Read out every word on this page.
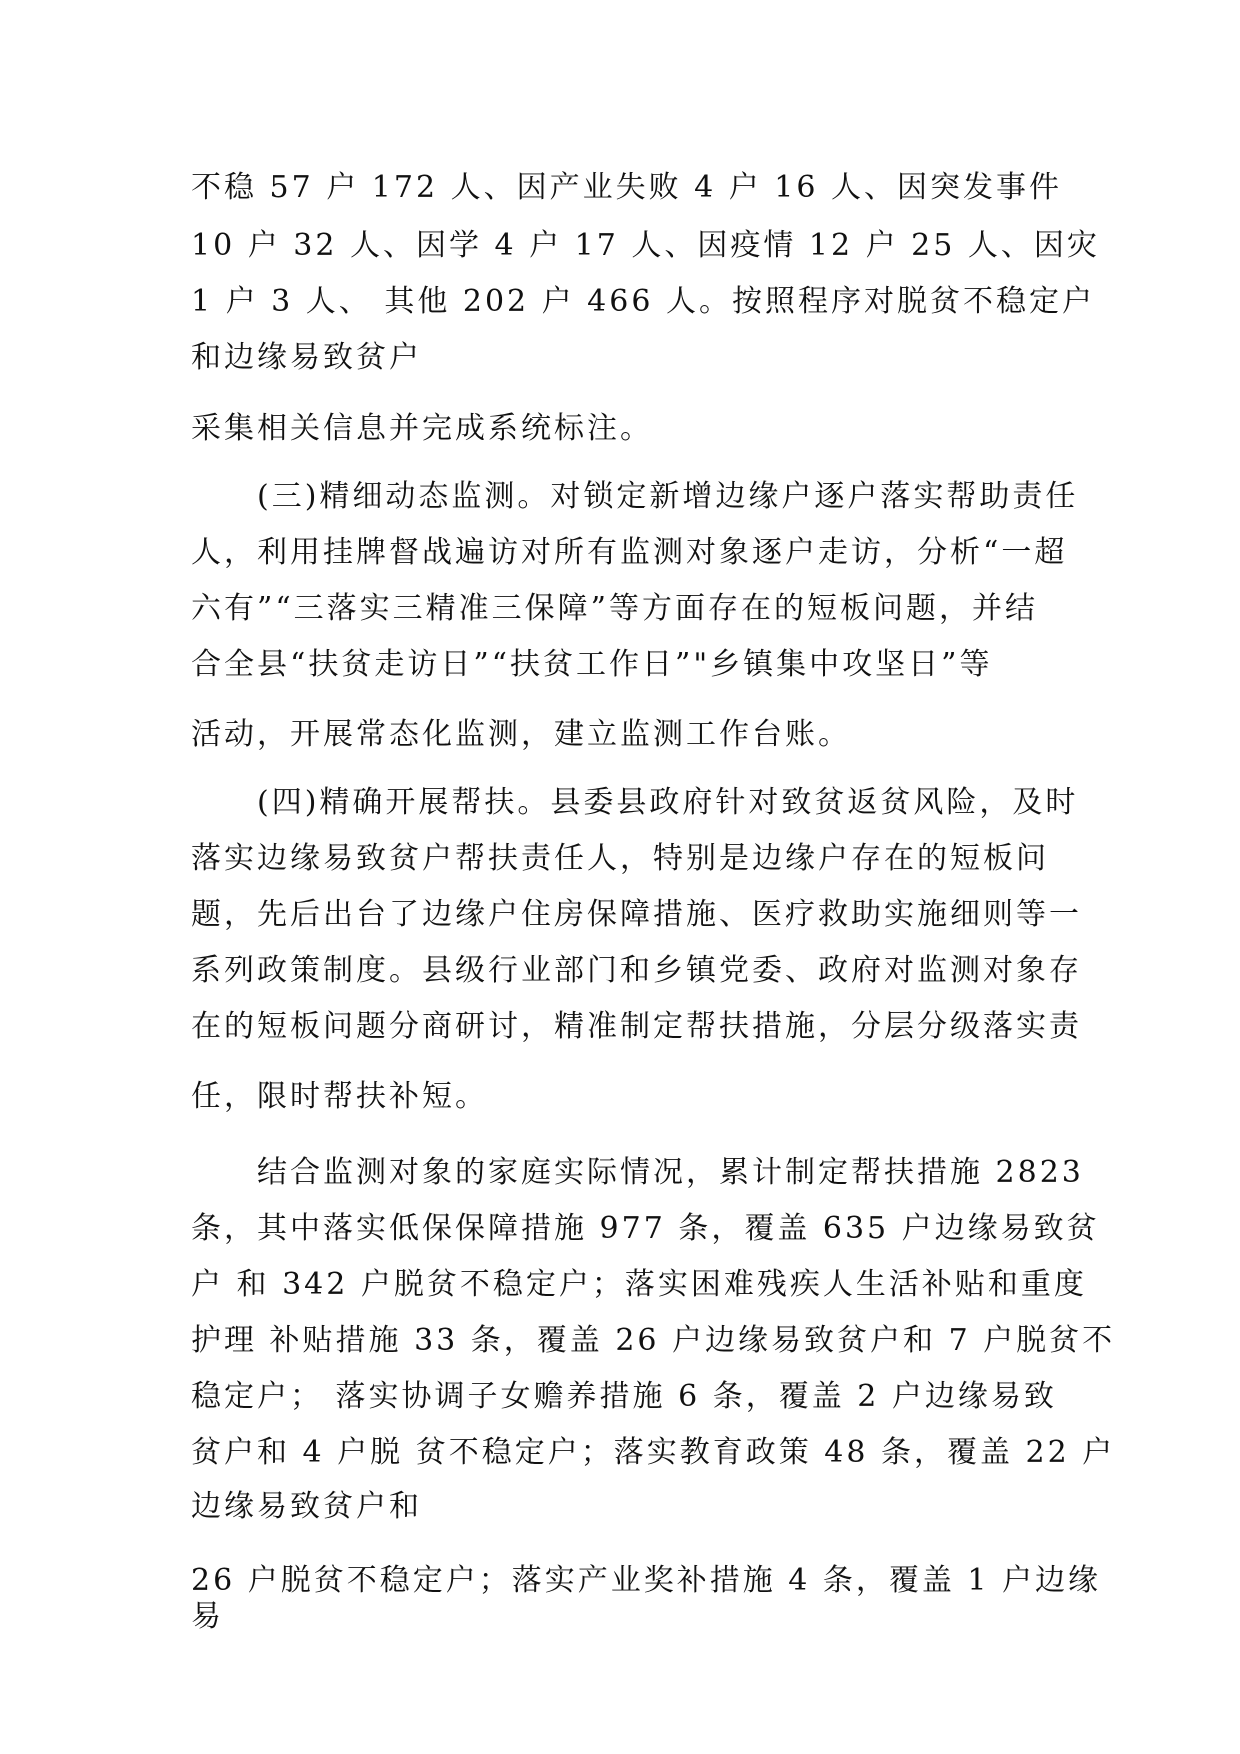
不稳 57 户 172 人、因产业失败 4 户 16 人、因突发事件
10 户 32 人、因学 4 户 17 人、因疫情 12 户 25 人、因灾
1 户 3 人、 其他 202 户 466 人。按照程序对脱贫不稳定户
和边缘易致贫户
采集相关信息并完成系统标注。
(三)精细动态监测。对锁定新增边缘户逐户落实帮助责任
人，利用挂牌督战遍访对所有监测对象逐户走访，分析“一超
六有”“三落实三精准三保障”等方面存在的短板问题，并结
合全县“扶贫走访日”“扶贫工作日”"乡镇集中攻坚日”等
活动，开展常态化监测，建立监测工作台账。
(四)精确开展帮扶。县委县政府针对致贫返贫风险，及时
落实边缘易致贫户帮扶责任人，特别是边缘户存在的短板问
题，先后出台了边缘户住房保障措施、医疗救助实施细则等一
系列政策制度。县级行业部门和乡镇党委、政府对监测对象存
在的短板问题分商研讨，精准制定帮扶措施，分层分级落实责
任，限时帮扶补短。
结合监测对象的家庭实际情况，累计制定帮扶措施 2823
条，其中落实低保保障措施 977 条，覆盖 635 户边缘易致贫
户 和 342 户脱贫不稳定户；落实困难残疾人生活补贴和重度
护理 补贴措施 33 条，覆盖 26 户边缘易致贫户和 7 户脱贫不
稳定户； 落实协调子女赡养措施 6 条，覆盖 2 户边缘易致
贫户和 4 户脱 贫不稳定户；落实教育政策 48 条，覆盖 22 户
边缘易致贫户和
26 户脱贫不稳定户；落实产业奖补措施 4 条，覆盖 1 户边缘
易
